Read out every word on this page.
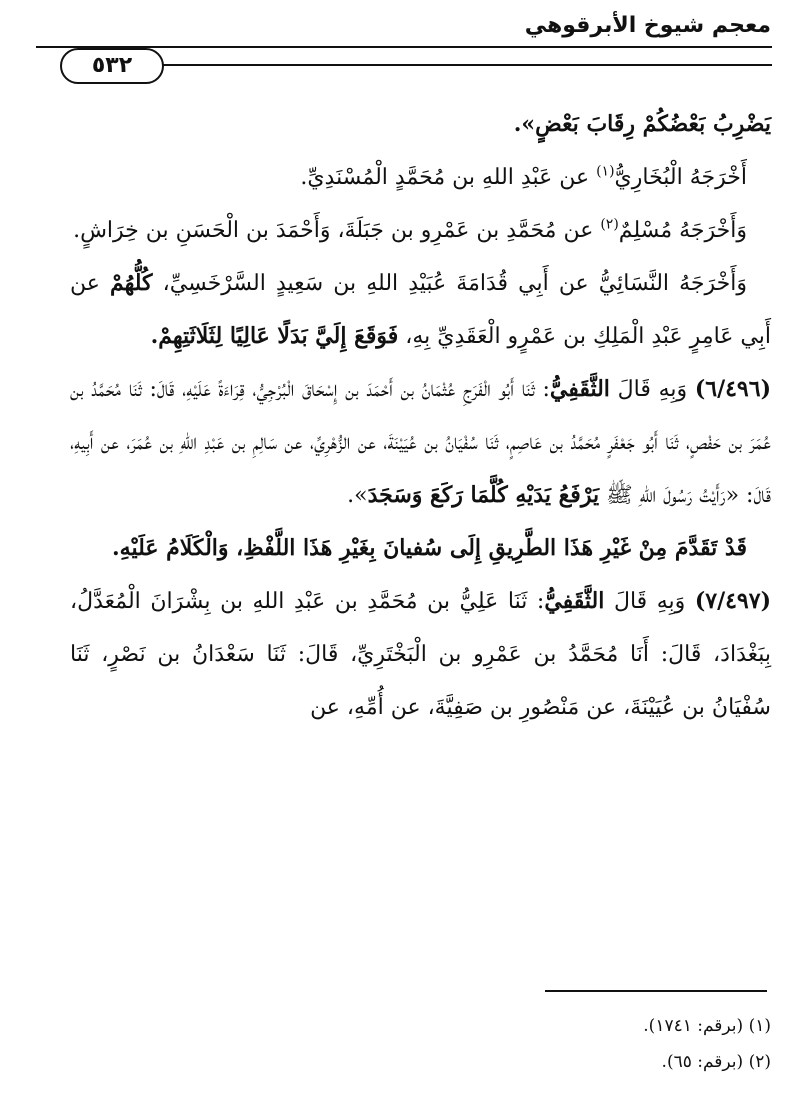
معجم شيوخ الأبرقوهي
٥٣٢

يَضْرِبُ بَعْضُكُمْ رِقَابَ بَعْضٍ».

أَخْرَجَهُ الْبُخَارِيُّ$^{(١)}$ عن عَبْدِ اللهِ بن مُحَمَّدٍ الْمُسْنَدِيِّ.

وَأَخْرَجَهُ مُسْلِمٌ$^{(٢)}$ عن مُحَمَّدِ بن عَمْرِو بن جَبَلَةَ، وَأَحْمَدَ بن الْحَسَنِ بن خِرَاشٍ.

وَأَخْرَجَهُ النَّسَائِيُّ عن أَبِي قُدَامَةَ عُبَيْدِ اللهِ بن سَعِيدٍ السَّرْخَسِيِّ، كُلُّهُمْ عن أَبِي عَامِرٍ عَبْدِ الْمَلِكِ بن عَمْرٍو الْعَقَدِيِّ بِهِ، فَوَقَعَ إِلَيَّ بَدَلًا عَالِيًا لِثَلَاثَتِهِمْ.

(٦/٤٩٦) وَبِهِ قَالَ الثَّقَفِيُّ: ثَنَا أَبُو الْفَرَجِ عُثْمَانُ بن أَحْمَدَ بن إِسْحَاقَ الْبُرْجِيُّ، قِرَاءَةً عَلَيْهِ، قَالَ: ثَنَا مُحَمَّدُ بن عُمَرَ بن حَفْصٍ، ثَنَا أَبُو جَعْفَرٍ مُحَمَّدُ بن عَاصِمٍ، ثَنَا سُفْيَانُ بن عُيَيْنَةَ، عن الزُّهْرِيِّ، عن سَالِمِ بن عَبْدِ اللهِ بن عُمَرَ، عن أَبِيهِ، قَالَ: «رَأَيْتُ رَسُولَ اللهِ ﷺ يَرْفَعُ يَدَيْهِ كُلَّمَا رَكَعَ وَسَجَدَ».

قَدْ تَقَدَّمَ مِنْ غَيْرِ هَذَا الطَّرِيقِ إِلَى سُفيانَ بِغَيْرِ هَذَا اللَّفْظِ، وَالْكَلَامُ عَلَيْهِ.

(٧/٤٩٧) وَبِهِ قَالَ الثَّقَفِيُّ: ثَنَا عَلِيُّ بن مُحَمَّدِ بن عَبْدِ اللهِ بن بِشْرَانَ الْمُعَدَّلُ، بِبَغْدَادَ، قَالَ: أَنَا مُحَمَّدُ بن عَمْرِو بن الْبَخْتَرِيِّ، قَالَ: ثَنَا سَعْدَانُ بن نَصْرٍ، ثَنَا سُفْيَانُ بن عُيَيْنَةَ، عن مَنْصُورِ بن صَفِيَّةَ، عن أُمِّهِ، عن

(١) (برقم: ١٧٤١).

(٢) (برقم: ٦٥).
